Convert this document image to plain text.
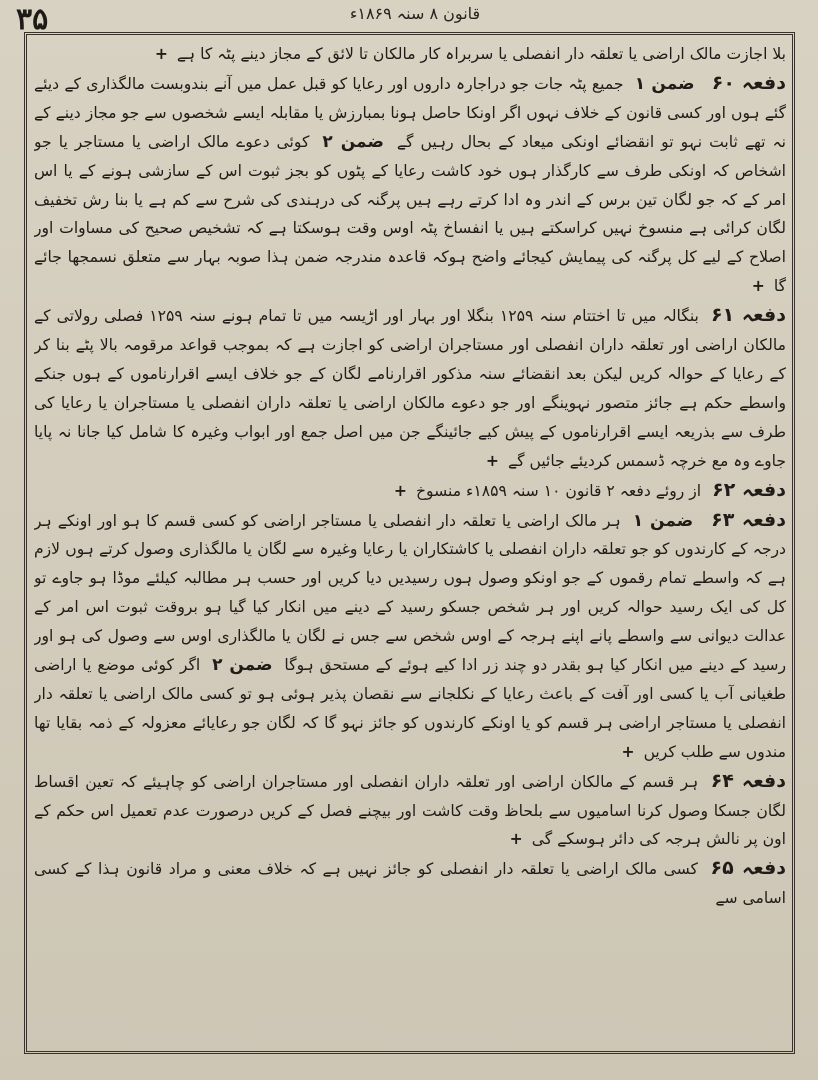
۳۵	قانون ۸ سنہ ۱۸۶۹ء

بلا اجازت مالک اراضی یا تعلقہ دار انفصلی یا سربراہ کار مالکان تا لائق کے مجاز دینے پٹہ کا ہے +

دفعہ ۶۰ ضمن ۱ جمیع پٹہ جات جو دراجارہ داروں اور رعایا کو قبل عمل میں آنے بندوبست مالگذاری کے دیئے گئے ہوں اور کسی قانون کے خلاف نہوں اگر اونکا حاصل ہونا بمبارزش یا مقابلہ ایسے شخصوں سے جو مجاز دینے کے نہ تھے ثابت نہو تو انقضائے اونکی میعاد کے بحال رہیں گے ضمن ۲ کوئی دعوے مالک اراضی یا مستاجر یا جو اشخاص کہ اونکی طرف سے کارگذار ہوں خود کاشت رعایا کے پٹوں کو بجز ثبوت اس کے سازشی ہونے کے یا اس امر کے کہ جو لگان تین برس کے اندر وہ ادا کرتے رہے ہیں پرگنہ کی درہندی کی شرح سے کم ہے یا بنا رش تخفیف لگان کرائی ہے منسوخ نہیں کراسکتے ہیں یا انفساخ پٹہ اوس وقت ہوسکتا ہے کہ تشخیص صحیح کی مساوات اور اصلاح کے لیے کل پرگنہ کی پیمایش کیجائے واضح ہوکہ قاعدہ مندرجہ ضمن ہذا صوبہ بہار سے متعلق نسمجھا جائے گا +

دفعہ ۶۱ بنگالہ میں تا اختتام سنہ ۱۲۵۹ بنگلا اور بہار اور اڑیسہ میں تا تمام ہونے سنہ ۱۲۵۹ فصلی رولاتی کے مالکان اراضی اور تعلقہ داران انفصلی اور مستاجران اراضی کو اجازت ہے کہ بموجب قواعد مرقومہ بالا پٹے بنا کر کے رعایا کے حوالہ کریں لیکن بعد انقضائے سنہ مذکور اقرارنامے لگان کے جو خلاف ایسے اقرارناموں کے ہوں جنکے واسطے حکم ہے جائز متصور نہوینگے اور جو دعوے مالکان اراضی یا تعلقہ داران انفصلی یا مستاجران یا رعایا کی طرف سے بذریعہ ایسے اقرارناموں کے پیش کیے جائینگے جن میں اصل جمع اور ابواب وغیرہ کا شامل کیا جانا نہ پایا جاوے وہ مع خرچہ ڈسمس کردیئے جائیں گے +

دفعہ ۶۲ از روئے دفعہ ۲ قانون ۱۰ سنہ ۱۸۵۹ء منسوخ +

دفعہ ۶۳ ضمن ۱ ہر مالک اراضی یا تعلقہ دار انفصلی یا مستاجر اراضی کو کسی قسم کا ہو اور اونکے ہر درجہ کے کارندوں کو جو تعلقہ داران انفصلی یا کاشتکاران یا رعایا وغیرہ سے لگان یا مالگذاری وصول کرتے ہوں لازم ہے کہ واسطے تمام رقموں کے جو اونکو وصول ہوں رسیدیں دیا کریں اور حسب ہر مطالبہ کیلئے موڈا ہو جاوے تو کل کی ایک رسید حوالہ کریں اور ہر شخص جسکو رسید کے دینے میں انکار کیا گیا ہو بروقت ثبوت اس امر کے عدالت دیوانی سے واسطے پانے اپنے ہرجہ کے اوس شخص سے جس نے لگان یا مالگذاری اوس سے وصول کی ہو اور رسید کے دینے میں انکار کیا ہو بقدر دو چند زر ادا کیے ہوئے کے مستحق ہوگا ضمن ۲ اگر کوئی موضع یا اراضی طغیانی آب یا کسی اور آفت کے باعث رعایا کے نکلجانے سے نقصان پذیر ہوئی ہو تو کسی مالک اراضی یا تعلقہ دار انفصلی یا مستاجر اراضی ہر قسم کو یا اونکے کارندوں کو جائز نہو گا کہ لگان جو رعایائے معزولہ کے ذمہ بقایا تھا مندوں سے طلب کریں +

دفعہ ۶۴ ہر قسم کے مالکان اراضی اور تعلقہ داران انفصلی اور مستاجران اراضی کو چاہیئے کہ تعین اقساط لگان جسکا وصول کرنا اسامیوں سے بلحاظ وقت کاشت اور بیچنے فصل کے کریں درصورت عدم تعمیل اس حکم کے اون پر نالش ہرجہ کی دائر ہوسکے گی +

دفعہ ۶۵ کسی مالک اراضی یا تعلقہ دار انفصلی کو جائز نہیں ہے کہ خلاف معنی و مراد قانون ہذا کے کسی اسامی سے
